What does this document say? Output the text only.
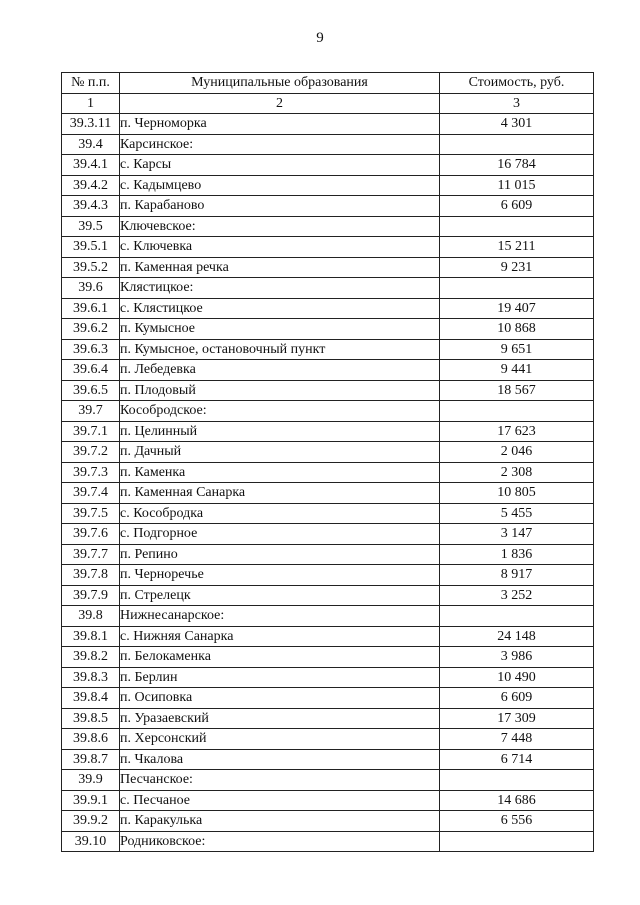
9
№ п.п.	Муниципальные образования	Стоимость, руб.
1	2	3
39.3.11	п. Черноморка	4 301
39.4	Карсинское:	
39.4.1	с. Карсы	16 784
39.4.2	с. Кадымцево	11 015
39.4.3	п. Карабаново	6 609
39.5	Ключевское:	
39.5.1	с. Ключевка	15 211
39.5.2	п. Каменная речка	9 231
39.6	Клястицкое:	
39.6.1	с. Клястицкое	19 407
39.6.2	п. Кумысное	10 868
39.6.3	п. Кумысное, остановочный пункт	9 651
39.6.4	п. Лебедевка	9 441
39.6.5	п. Плодовый	18 567
39.7	Кособродское:	
39.7.1	п. Целинный	17 623
39.7.2	п. Дачный	2 046
39.7.3	п. Каменка	2 308
39.7.4	п. Каменная Санарка	10 805
39.7.5	с. Кособродка	5 455
39.7.6	с. Подгорное	3 147
39.7.7	п. Репино	1 836
39.7.8	п. Черноречье	8 917
39.7.9	п. Стрелецк	3 252
39.8	Нижнесанарское:	
39.8.1	с. Нижняя Санарка	24 148
39.8.2	п. Белокаменка	3 986
39.8.3	п. Берлин	10 490
39.8.4	п. Осиповка	6 609
39.8.5	п. Уразаевский	17 309
39.8.6	п. Херсонский	7 448
39.8.7	п. Чкалова	6 714
39.9	Песчанское:	
39.9.1	с. Песчаное	14 686
39.9.2	п. Каракулька	6 556
39.10	Родниковское:	
